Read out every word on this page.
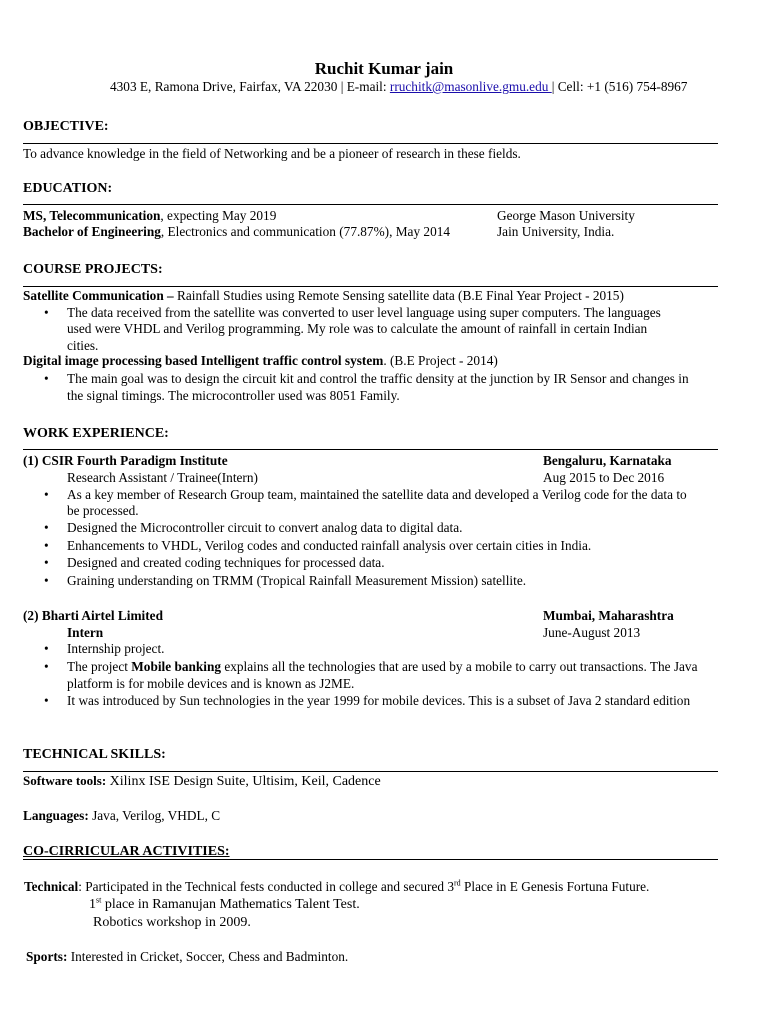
Ruchit Kumar jain
4303 E, Ramona Drive, Fairfax, VA 22030 | E-mail: rruchitk@masonlive.gmu.edu | Cell: +1 (516) 754-8967
OBJECTIVE:
To advance knowledge in the field of Networking and be a pioneer of research in these fields.
EDUCATION:
MS, Telecommunication, expecting May 2019	George Mason University
Bachelor of Engineering, Electronics and communication (77.87%), May 2014	Jain University, India.
COURSE PROJECTS:
Satellite Communication – Rainfall Studies using Remote Sensing satellite data (B.E Final Year Project - 2015)
• The data received from the satellite was converted to user level language using super computers. The languages
used were VHDL and Verilog programming. My role was to calculate the amount of rainfall in certain Indian
cities.
Digital image processing based Intelligent traffic control system. (B.E Project - 2014)
• The main goal was to design the circuit kit and control the traffic density at the junction by IR Sensor and changes in
the signal timings. The microcontroller used was 8051 Family.
WORK EXPERIENCE:
(1) CSIR Fourth Paradigm Institute	Bengaluru, Karnataka
Research Assistant / Trainee(Intern)	Aug 2015 to Dec 2016
• As a key member of Research Group team, maintained the satellite data and developed a Verilog code for the data to
be processed.
• Designed the Microcontroller circuit to convert analog data to digital data.
• Enhancements to VHDL, Verilog codes and conducted rainfall analysis over certain cities in India.
• Designed and created coding techniques for processed data.
• Graining understanding on TRMM (Tropical Rainfall Measurement Mission) satellite.
(2) Bharti Airtel Limited	Mumbai, Maharashtra
Intern	June-August 2013
• Internship project.
• The project Mobile banking explains all the technologies that are used by a mobile to carry out transactions. The Java
platform is for mobile devices and is known as J2ME.
• It was introduced by Sun technologies in the year 1999 for mobile devices. This is a subset of Java 2 standard edition
TECHNICAL SKILLS:
Software tools: Xilinx ISE Design Suite, Ultisim, Keil, Cadence
Languages: Java, Verilog, VHDL, C
CO-CIRRICULAR ACTIVITIES:
Technical: Participated in the Technical fests conducted in college and secured 3rd Place in E Genesis Fortuna Future.
1st place in Ramanujan Mathematics Talent Test.
Robotics workshop in 2009.
Sports: Interested in Cricket, Soccer, Chess and Badminton.
